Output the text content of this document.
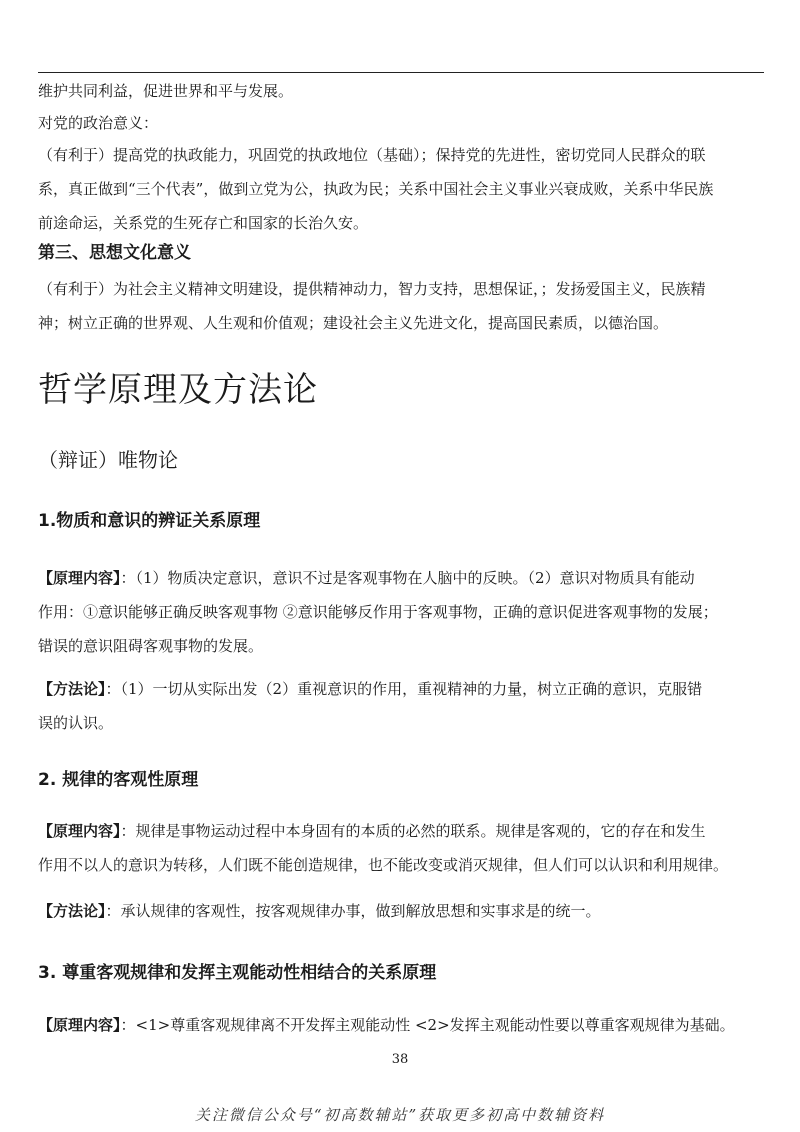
维护共同利益，促进世界和平与发展。
对党的政治意义：
（有利于）提高党的执政能力，巩固党的执政地位（基础）；保持党的先进性，密切党同人民群众的联
系，真正做到“三个代表”，做到立党为公，执政为民；关系中国社会主义事业兴衰成败，关系中华民族
前途命运，关系党的生死存亡和国家的长治久安。
第三、思想文化意义
（有利于）为社会主义精神文明建设，提供精神动力，智力支持，思想保证，；发扬爱国主义，民族精
神；树立正确的世界观、人生观和价值观；建设社会主义先进文化，提高国民素质，以德治国。
哲学原理及方法论
（辩证）唯物论
1.物质和意识的辨证关系原理
【原理内容】：（1）物质决定意识，意识不过是客观事物在人脑中的反映。（2）意识对物质具有能动
作用：①意识能够正确反映客观事物 ②意识能够反作用于客观事物，正确的意识促进客观事物的发展；
错误的意识阻碍客观事物的发展。
【方法论】：（1）一切从实际出发（2）重视意识的作用，重视精神的力量，树立正确的意识，克服错
误的认识。
2. 规律的客观性原理
【原理内容】：规律是事物运动过程中本身固有的本质的必然的联系。规律是客观的，它的存在和发生
作用不以人的意识为转移，人们既不能创造规律，也不能改变或消灭规律，但人们可以认识和利用规律。
【方法论】：承认规律的客观性，按客观规律办事，做到解放思想和实事求是的统一。
3. 尊重客观规律和发挥主观能动性相结合的关系原理
【原理内容】：<1>尊重客观规律离不开发挥主观能动性 <2>发挥主观能动性要以尊重客观规律为基础。
38
关注微信公众号“初高数辅站”获取更多初高中数辅资料
